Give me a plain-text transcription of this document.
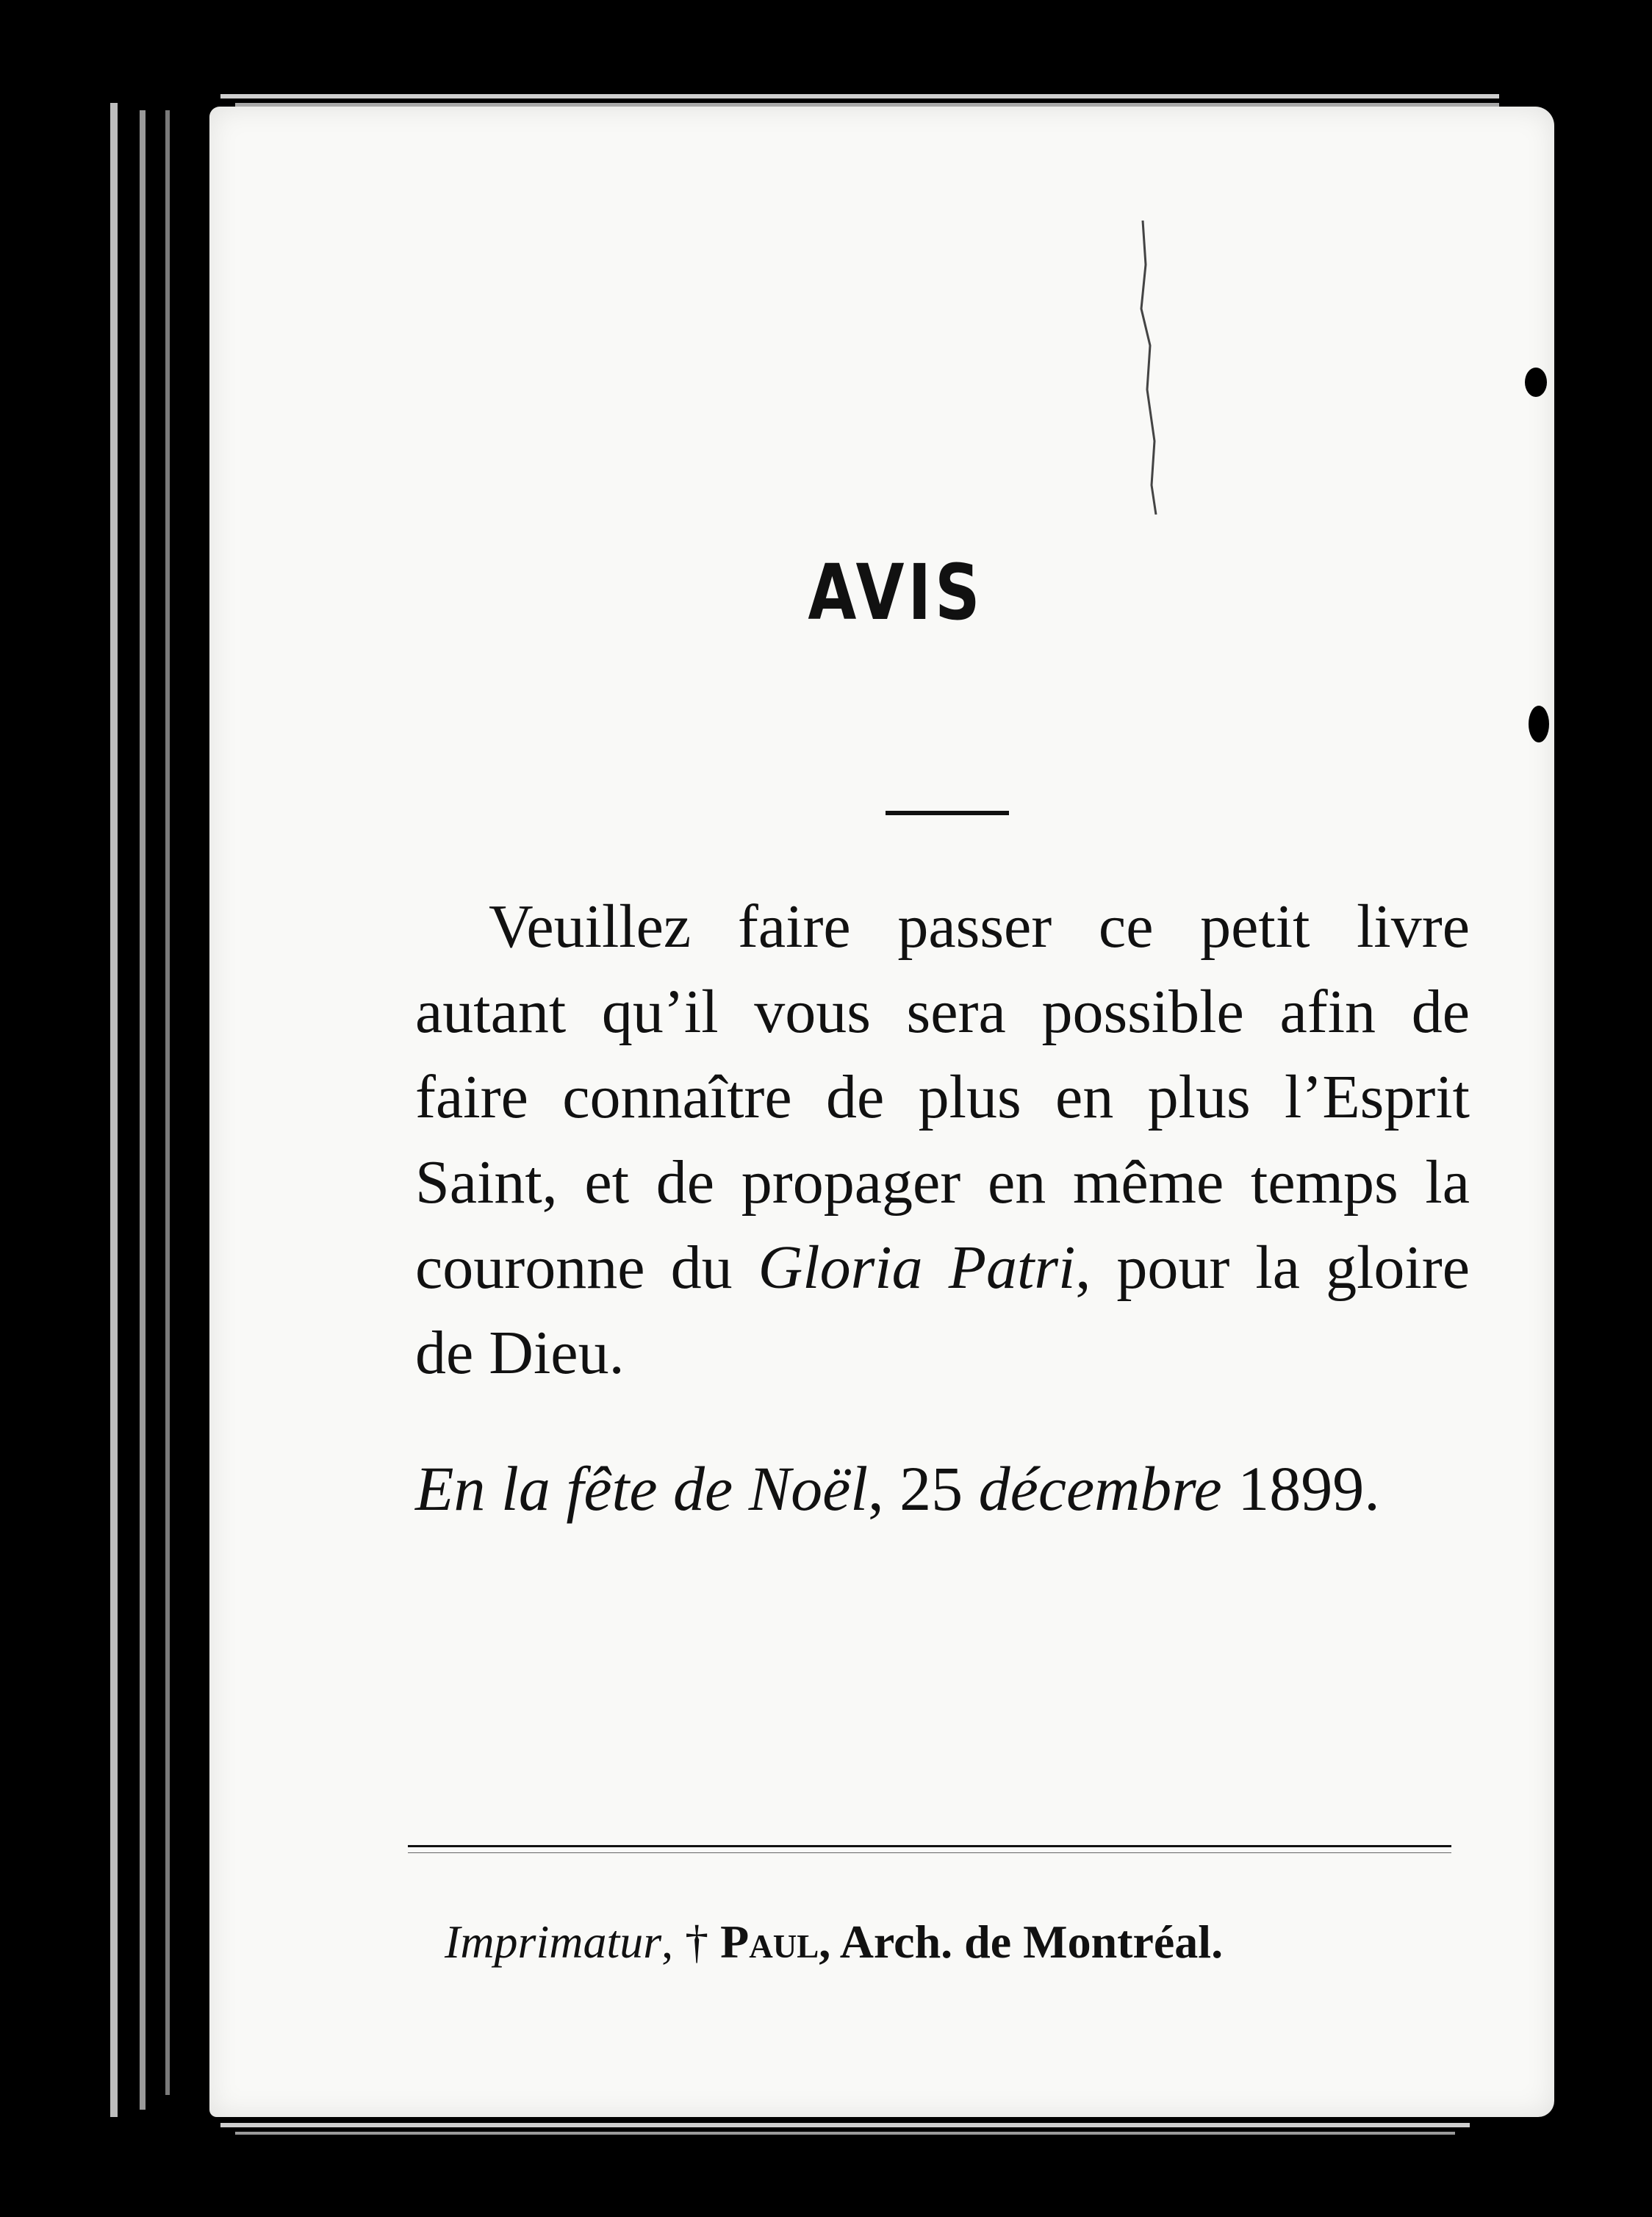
AVIS
Veuillez faire passer ce petit livre autant qu’il vous sera possible afin de faire connaître de plus en plus l’Esprit Saint, et de propager en même temps la couronne du Gloria Patri, pour la gloire de Dieu.
En la fête de Noël, 25 décembre 1899.
Imprimatur, † Paul, Arch. de Montréal.
